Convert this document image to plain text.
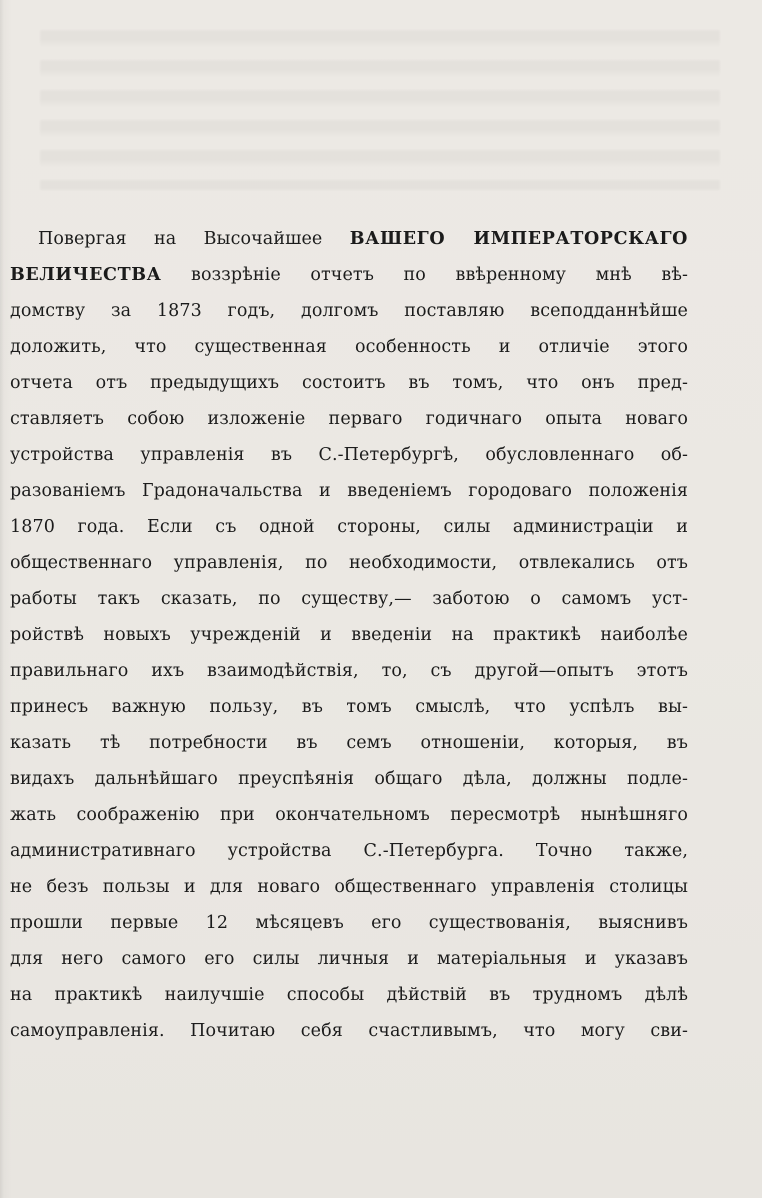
Повергая на Высочайшее ВАШЕГО ИМПЕРАТОРСКАГО
ВЕЛИЧЕСТВА воззрѣніе отчетъ по ввѣренному мнѣ вѣ-
домству за 1873 годъ, долгомъ поставляю всеподданнѣйше
доложить, что существенная особенность и отличіе этого
отчета отъ предыдущихъ состоитъ въ томъ, что онъ пред-
ставляетъ собою изложеніе перваго годичнаго опыта новаго
устройства управленія въ С.-Петербургѣ, обусловленнаго об-
разованіемъ Градоначальства и введеніемъ городоваго положенія
1870 года. Если съ одной стороны, силы администраціи и
общественнаго управленія, по необходимости, отвлекались отъ
работы такъ сказать, по существу,— заботою о самомъ уст-
ройствѣ новыхъ учрежденій и введеніи на практикѣ наиболѣе
правильнаго ихъ взаимодѣйствія, то, съ другой—опытъ этотъ
принесъ важную пользу, въ томъ смыслѣ, что успѣлъ вы-
казать тѣ потребности въ семъ отношеніи, которыя, въ
видахъ дальнѣйшаго преуспѣянія общаго дѣла, должны подле-
жать соображенію при окончательномъ пересмотрѣ нынѣшняго
административнаго устройства С.-Петербурга. Точно также,
не безъ пользы и для новаго общественнаго управленія столицы
прошли первые 12 мѣсяцевъ его существованія, выяснивъ
для него самого его силы личныя и матеріальныя и указавъ
на практикѣ наилучшіе способы дѣйствій въ трудномъ дѣлѣ
самоуправленія. Почитаю себя счастливымъ, что могу сви-
